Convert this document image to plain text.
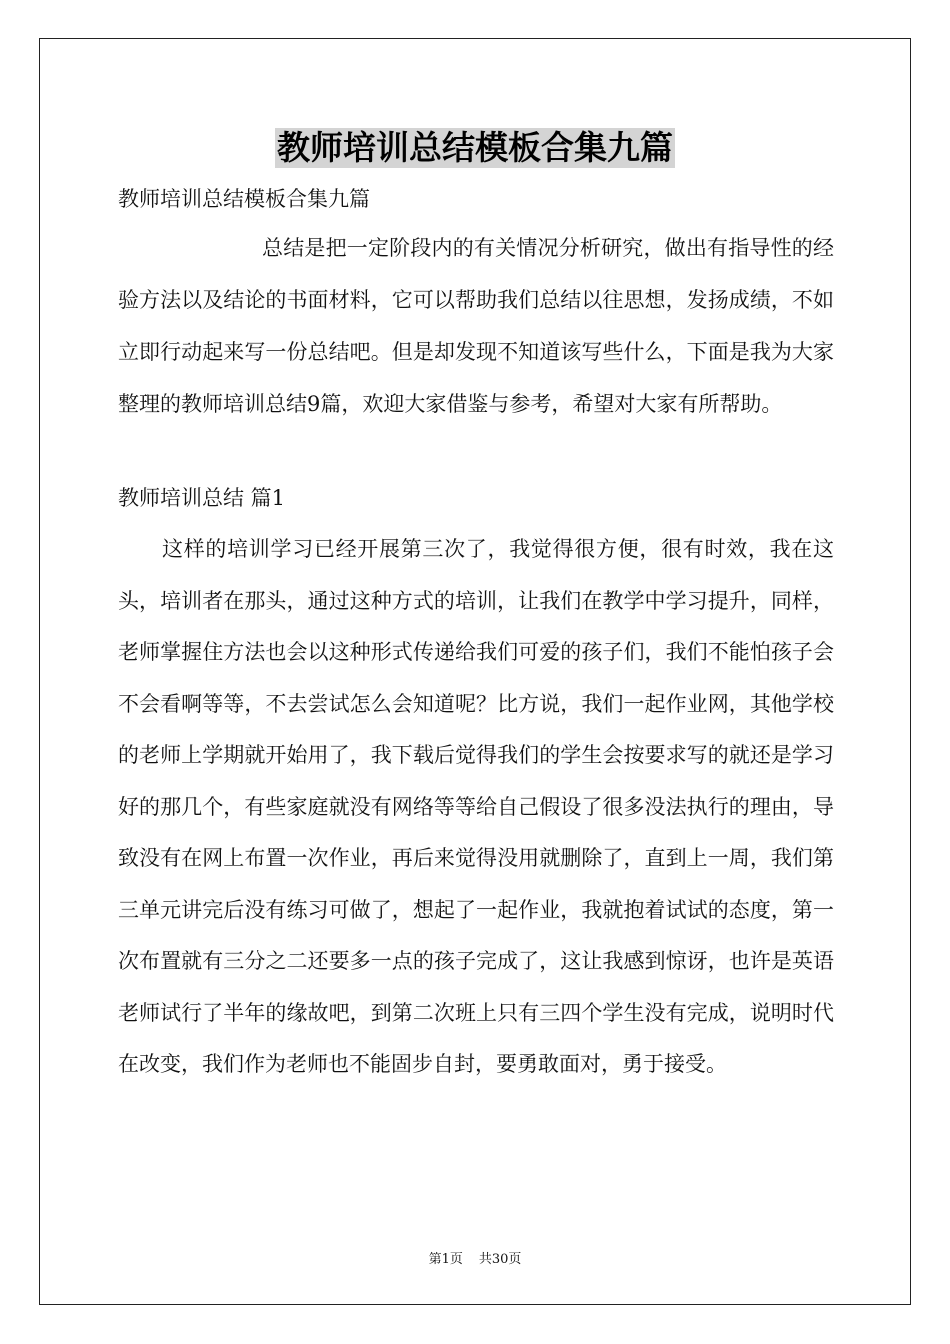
教师培训总结模板合集九篇
教师培训总结模板合集九篇
总结是把一定阶段内的有关情况分析研究，做出有指导性的经验方法以及结论的书面材料，它可以帮助我们总结以往思想，发扬成绩，不如立即行动起来写一份总结吧。但是却发现不知道该写些什么，下面是我为大家整理的教师培训总结9篇，欢迎大家借鉴与参考，希望对大家有所帮助。
教师培训总结 篇1
这样的培训学习已经开展第三次了，我觉得很方便，很有时效，我在这头，培训者在那头，通过这种方式的培训，让我们在教学中学习提升，同样，老师掌握住方法也会以这种形式传递给我们可爱的孩子们，我们不能怕孩子会不会看啊等等，不去尝试怎么会知道呢？比方说，我们一起作业网，其他学校的老师上学期就开始用了，我下载后觉得我们的学生会按要求写的就还是学习好的那几个，有些家庭就没有网络等等给自己假设了很多没法执行的理由，导致没有在网上布置一次作业，再后来觉得没用就删除了，直到上一周，我们第三单元讲完后没有练习可做了，想起了一起作业，我就抱着试试的态度，第一次布置就有三分之二还要多一点的孩子完成了，这让我感到惊讶，也许是英语老师试行了半年的缘故吧，到第二次班上只有三四个学生没有完成，说明时代在改变，我们作为老师也不能固步自封，要勇敢面对，勇于接受。
第1页 共30页
